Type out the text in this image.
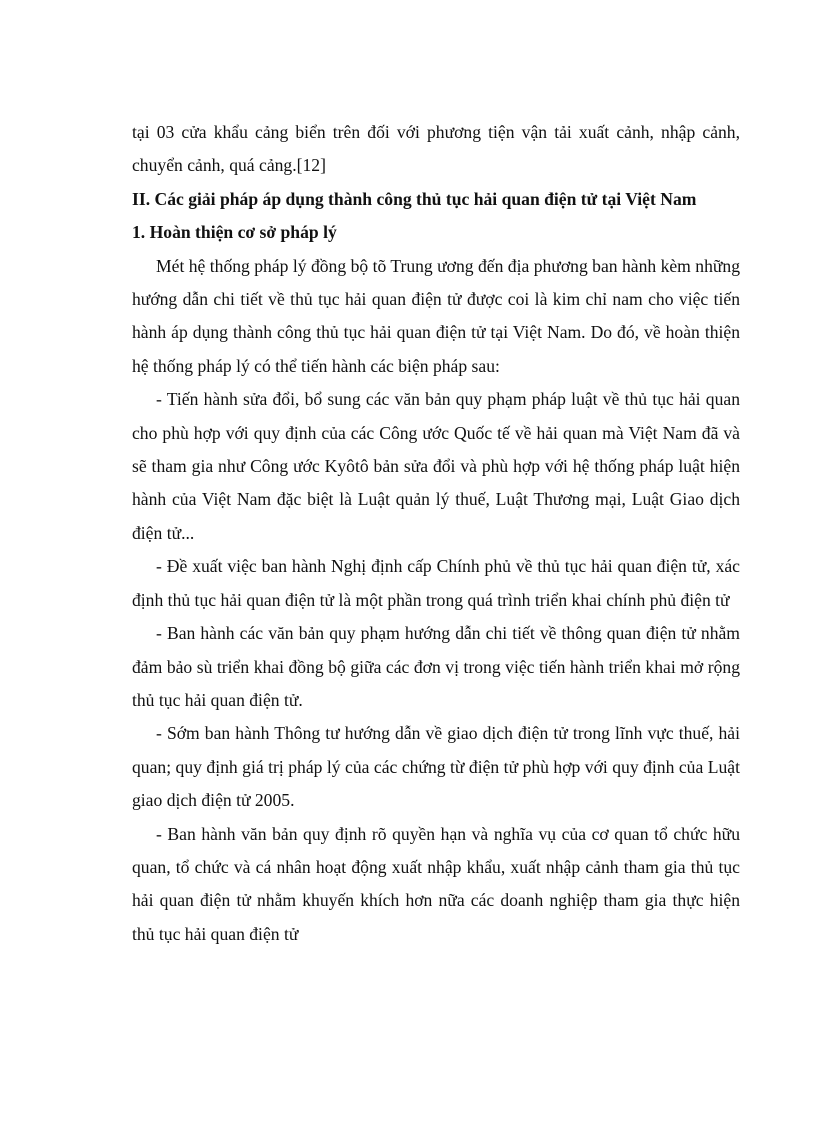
tại 03 cửa khẩu cảng biển trên đối với phương tiện vận tải xuất cảnh, nhập cảnh, chuyển cảnh, quá cảng.[12]

II. Các giải pháp áp dụng thành công thủ tục hải quan điện tử tại Việt Nam

1. Hoàn thiện cơ sở pháp lý

Mét hệ thống pháp lý đồng bộ tõ Trung ương đến địa phương ban hành kèm những hướng dẫn chi tiết về thủ tục hải quan điện tử được coi là kim chỉ nam cho việc tiến hành áp dụng thành công thủ tục hải quan điện tử tại Việt Nam. Do đó, về hoàn thiện hệ thống pháp lý có thể tiến hành các biện pháp sau:

- Tiến hành sửa đổi, bổ sung các văn bản quy phạm pháp luật về thủ tục hải quan cho phù hợp với quy định của các Công ước Quốc tế về hải quan mà Việt Nam đã và sẽ tham gia như Công ước Kyôtô bản sửa đổi và phù hợp với hệ thống pháp luật hiện hành của Việt Nam đặc biệt là Luật quản lý thuế, Luật Thương mại, Luật Giao dịch điện tử...

- Đề xuất việc ban hành Nghị định cấp Chính phủ về thủ tục hải quan điện tử, xác định thủ tục hải quan điện tử là một phần trong quá trình triển khai chính phủ điện tử

- Ban hành các văn bản quy phạm hướng dẫn chi tiết về thông quan điện tử nhằm đảm bảo sù triển khai đồng bộ giữa các đơn vị trong việc tiến hành triển khai mở rộng thủ tục hải quan điện tử.

- Sớm ban hành Thông tư hướng dẫn về giao dịch điện tử trong lĩnh vực thuế, hải quan; quy định giá trị pháp lý của các chứng từ điện tử phù hợp với quy định của Luật giao dịch điện tử 2005.

- Ban hành văn bản quy định rõ quyền hạn và nghĩa vụ của cơ quan tổ chức hữu quan, tổ chức và cá nhân hoạt động xuất nhập khẩu, xuất nhập cảnh tham gia thủ tục hải quan điện tử nhằm khuyến khích hơn nữa các doanh nghiệp tham gia thực hiện thủ tục hải quan điện tử
